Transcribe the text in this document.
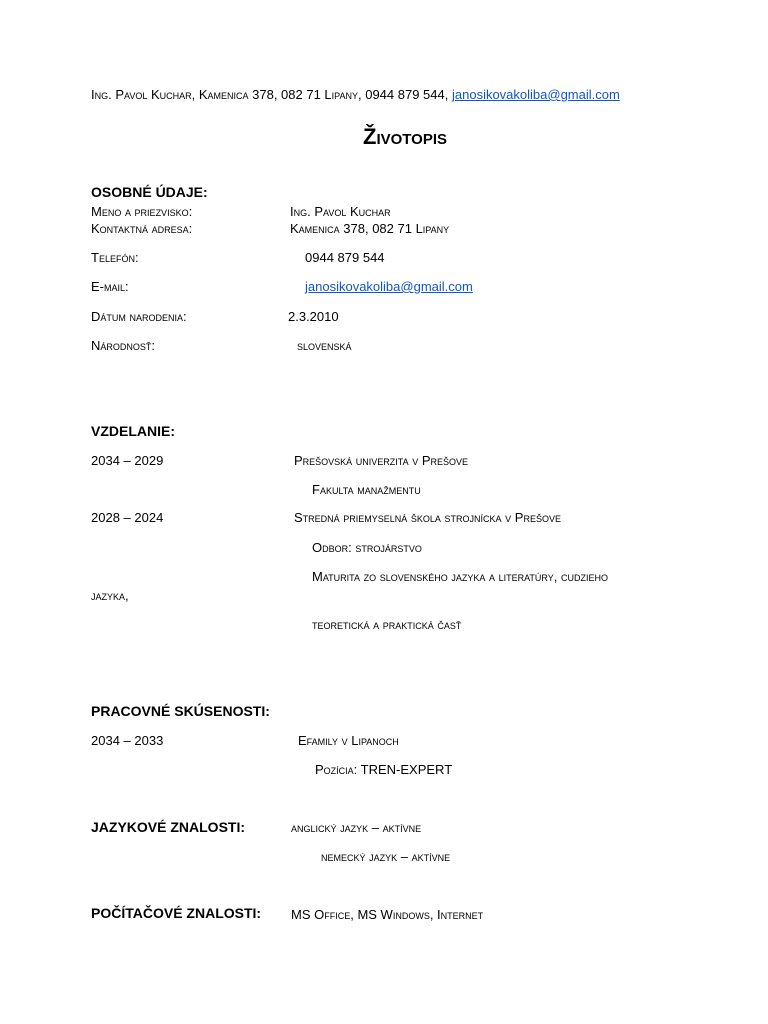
Ing. Pavol Kuchar, Kamenica 378, 082 71 Lipany, 0944 879 544, janosikovakoliba@gmail.com
Životopis
OSOBNÉ ÚDAJE:
Meno a priezvisko:	Ing. Pavol Kuchar
Kontaktná adresa:	Kamenica 378, 082 71 Lipany
Telefón:	0944 879 544
E-mail:	janosikovakoliba@gmail.com
Dátum narodenia:	2.3.2010
Národnosť:	slovenská
VZDELANIE:
2034 – 2029	Prešovská univerzita v Prešove
Fakulta manažmentu
2028 – 2024	Stredná priemyselná škola strojnícka v Prešove
Odbor: strojárstvo
Maturita zo slovenského jazyka a literatúry, cudzieho
jazyka,
teoretická a praktická časť
PRACOVNÉ SKÚSENOSTI:
2034 – 2033	Efamily v Lipanoch
Pozícia: TREN-EXPERT
JAZYKOVÉ ZNALOSTI:	anglický jazyk – aktívne
nemecký jazyk – aktívne
POČÍTAČOVÉ ZNALOSTI: MS Office, MS Windows, Internet
